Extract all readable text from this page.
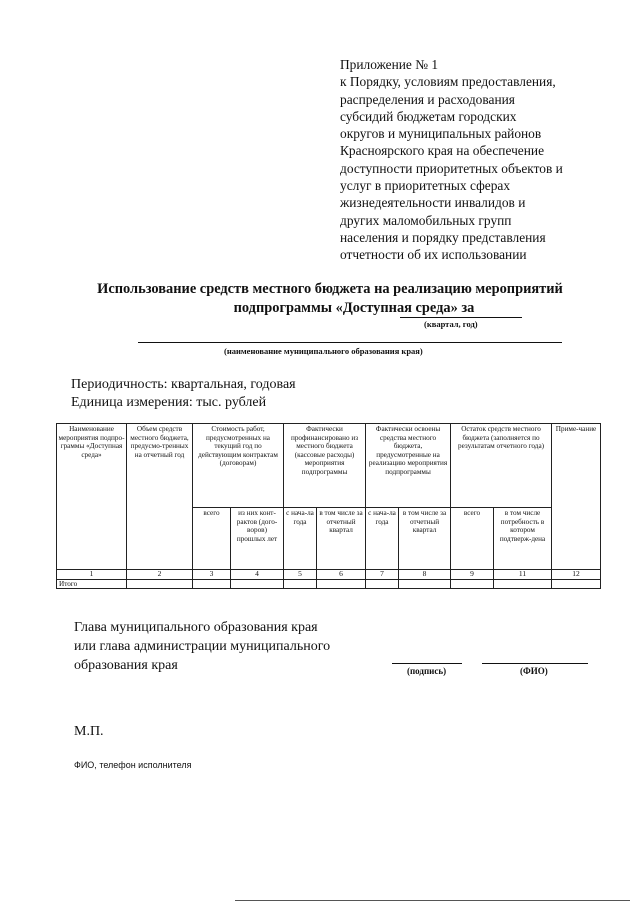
Приложение № 1
к Порядку, условиям предоставления,
распределения и расходования
субсидий бюджетам городских
округов и муниципальных районов
Красноярского края на обеспечение
доступности приоритетных объектов и
услуг в приоритетных сферах
жизнедеятельности инвалидов и
других маломобильных групп
населения и порядку представления
отчетности об их использовании
Использование средств местного бюджета на реализацию мероприятий
подпрограммы «Доступная среда» за
(квартал, год)
(наименование муниципального образования края)
Периодичность: квартальная, годовая
Единица измерения: тыс. рублей
Наименование мероприятия подпро-граммы «Доступная среда»	Объем средств местного бюджета, предусмо-тренных на отчетный год	Стоимость работ, предусмотренных на текущий год по действующим контрактам (договорам)		Фактически профинансировано из местного бюджета (кассовые расходы) мероприятия подпрограммы		Фактически освоены средства местного бюджета, предусмотренные на реализацию мероприятия подпрограммы		Остаток средств местного бюджета (заполняется по результатам отчетного года)		Приме-чание
		всего	из них конт-рактов (дого-воров) прошлых лет	с нача-ла года	в том числе за отчетный квартал	с нача-ла года	в том числе за отчетный квартал	всего	в том числе потребность в котором подтверж-дена	
1	2	3	4	5	6	7	8	9	11	12
Итого										
Глава муниципального образования края
или глава администрации муниципального
образования края	(подпись)	(ФИО)
М.П.
ФИО, телефон исполнителя
